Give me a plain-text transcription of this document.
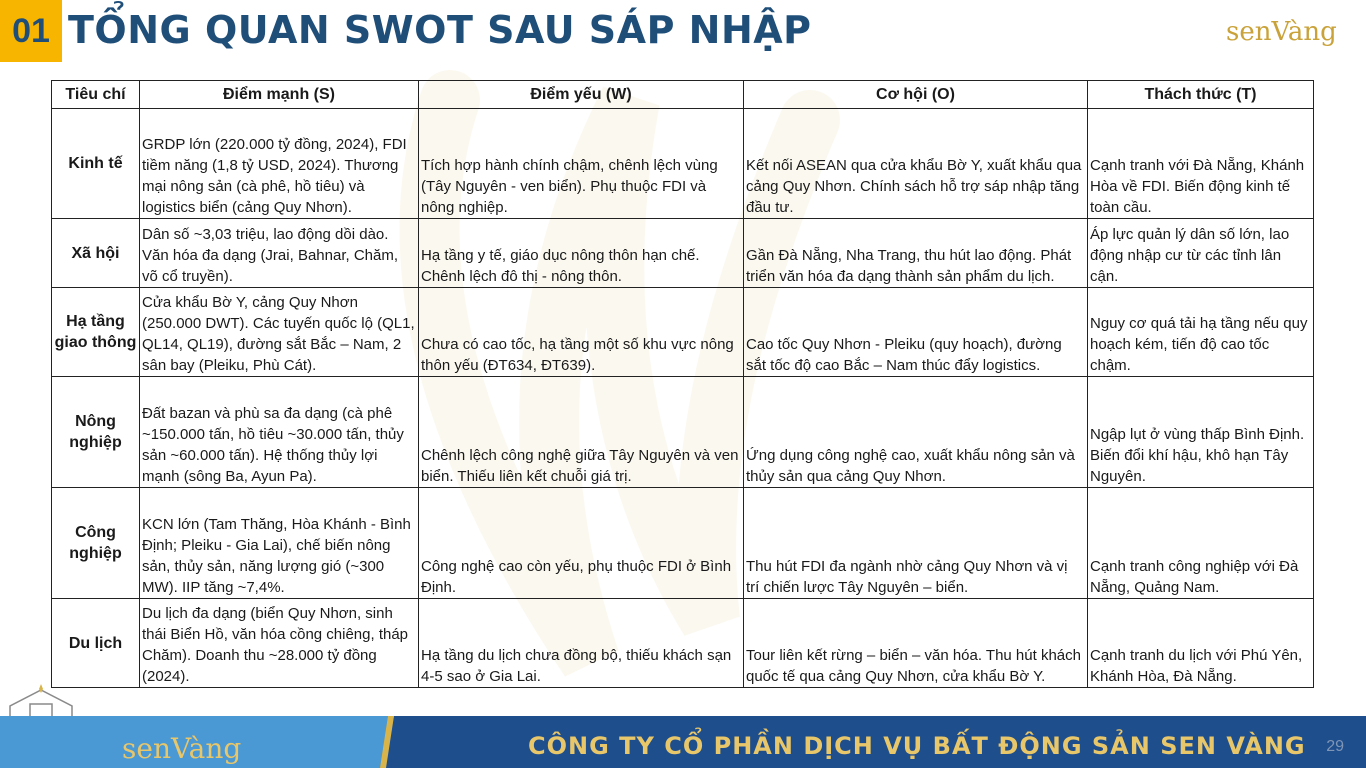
01 TỔNG QUAN SWOT SAU SÁP NHẬP	senVàng
Tiêu chí	Điểm mạnh (S)	Điểm yếu (W)	Cơ hội (O)	Thách thức (T)
Kinh tế	GRDP lớn (220.000 tỷ đồng, 2024), FDI tiềm năng (1,8 tỷ USD, 2024). Thương mại nông sản (cà phê, hồ tiêu) và logistics biển (cảng Quy Nhơn).	Tích hợp hành chính chậm, chênh lệch vùng (Tây Nguyên - ven biển). Phụ thuộc FDI và nông nghiệp.	Kết nối ASEAN qua cửa khẩu Bờ Y, xuất khẩu qua cảng Quy Nhơn. Chính sách hỗ trợ sáp nhập tăng đầu tư.	Cạnh tranh với Đà Nẵng, Khánh Hòa về FDI. Biến động kinh tế toàn cầu.
Xã hội	Dân số ~3,03 triệu, lao động dồi dào. Văn hóa đa dạng (Jrai, Bahnar, Chăm, võ cổ truyền).	Hạ tầng y tế, giáo dục nông thôn hạn chế. Chênh lệch đô thị - nông thôn.	Gần Đà Nẵng, Nha Trang, thu hút lao động. Phát triển văn hóa đa dạng thành sản phẩm du lịch.	Áp lực quản lý dân số lớn, lao động nhập cư từ các tỉnh lân cận.
Hạ tầng giao thông	Cửa khẩu Bờ Y, cảng Quy Nhơn (250.000 DWT). Các tuyến quốc lộ (QL1, QL14, QL19), đường sắt Bắc – Nam, 2 sân bay (Pleiku, Phù Cát).	Chưa có cao tốc, hạ tầng một số khu vực nông thôn yếu (ĐT634, ĐT639).	Cao tốc Quy Nhơn - Pleiku (quy hoạch), đường sắt tốc độ cao Bắc – Nam thúc đẩy logistics.	Nguy cơ quá tải hạ tầng nếu quy hoạch kém, tiến độ cao tốc chậm.
Nông nghiệp	Đất bazan và phù sa đa dạng (cà phê ~150.000 tấn, hồ tiêu ~30.000 tấn, thủy sản ~60.000 tấn). Hệ thống thủy lợi mạnh (sông Ba, Ayun Pa).	Chênh lệch công nghệ giữa Tây Nguyên và ven biển. Thiếu liên kết chuỗi giá trị.	Ứng dụng công nghệ cao, xuất khẩu nông sản và thủy sản qua cảng Quy Nhơn.	Ngập lụt ở vùng thấp Bình Định. Biến đổi khí hậu, khô hạn Tây Nguyên.
Công nghiệp	KCN lớn (Tam Thăng, Hòa Khánh - Bình Định; Pleiku - Gia Lai), chế biến nông sản, thủy sản, năng lượng gió (~300 MW). IIP tăng ~7,4%.	Công nghệ cao còn yếu, phụ thuộc FDI ở Bình Định.	Thu hút FDI đa ngành nhờ cảng Quy Nhơn và vị trí chiến lược Tây Nguyên – biển.	Cạnh tranh công nghiệp với Đà Nẵng, Quảng Nam.
Du lịch	Du lịch đa dạng (biển Quy Nhơn, sinh thái Biển Hồ, văn hóa cồng chiêng, tháp Chăm). Doanh thu ~28.000 tỷ đồng (2024).	Hạ tầng du lịch chưa đồng bộ, thiếu khách sạn 4-5 sao ở Gia Lai.	Tour liên kết rừng – biển – văn hóa. Thu hút khách quốc tế qua cảng Quy Nhơn, cửa khẩu Bờ Y.	Cạnh tranh du lịch với Phú Yên, Khánh Hòa, Đà Nẵng.
senVàng	CÔNG TY CỔ PHẦN DỊCH VỤ BẤT ĐỘNG SẢN SEN VÀNG 29
